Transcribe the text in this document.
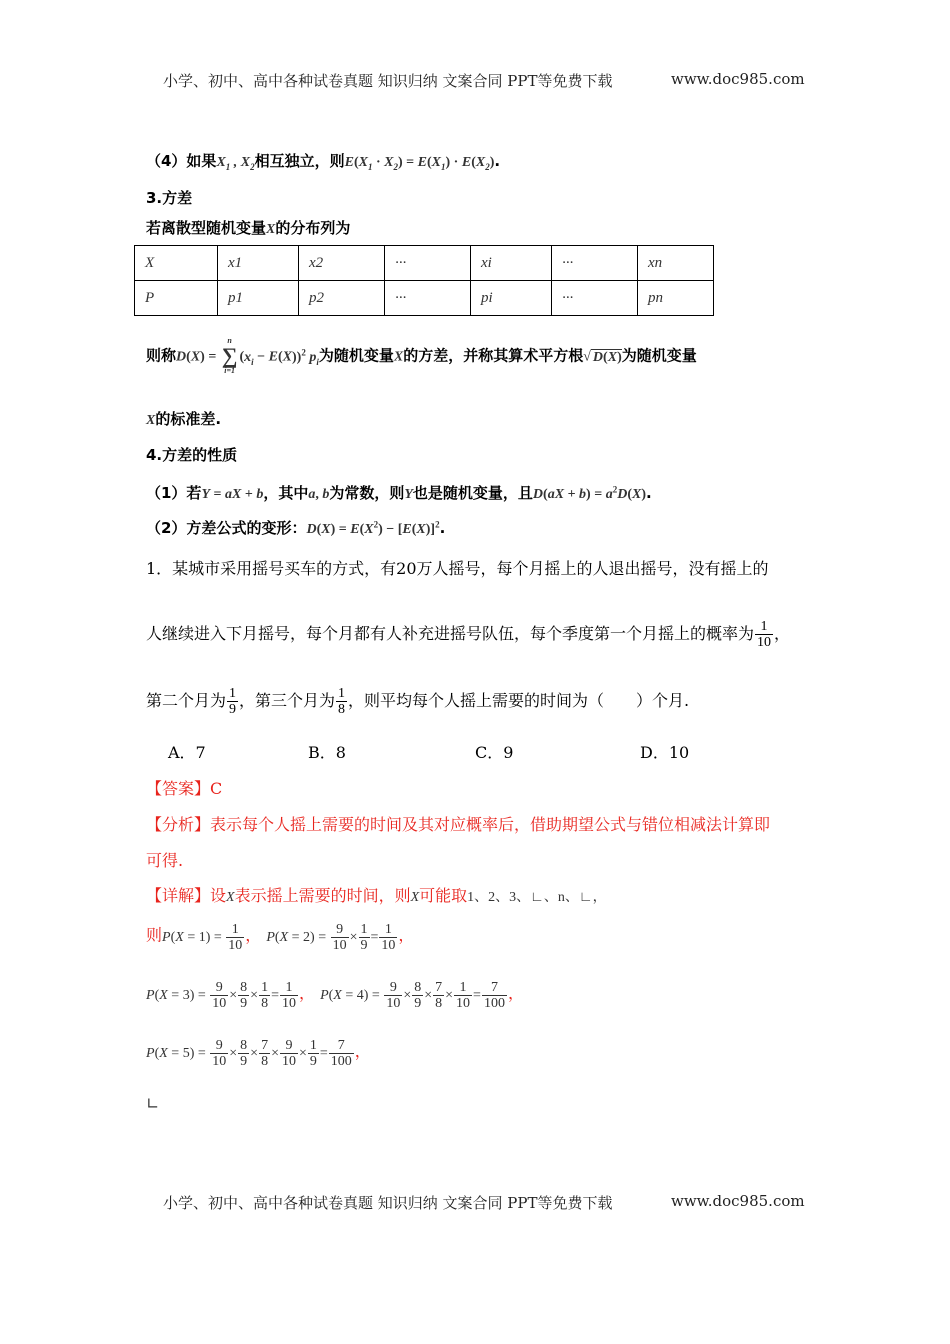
小学、初中、高中各种试卷真题 知识归纳 文案合同 PPT等免费下载	www.doc985.com
（4）如果$X_1$ , $X_2$相互独立，则$E(X_1 \cdot X_2) = E(X_1) \cdot E(X_2)$.
3.方差
若离散型随机变量X的分布列为
X	x1	x2	···	xi	···	xn
P	p1	p2	···	pi	···	pn
则称D(X) =
n
∑
i=1
$(x_i - E(X))^2$ $p_i$为随机变量X的方差，并称其算术平方根√ D(X)为随机变量
X的标准差.
4.方差的性质
（1）若Y = aX + b，其中a, b为常数，则Y也是随机变量，且$D(aX + b) = a^2D(X)$.
（2）方差公式的变形：$D(X) = E(X^2) - [E(X)]^2$.
1．某城市采用摇号买车的方式，有20万人摇号，每个月摇上的人退出摇号，没有摇上的
人继续进入下月摇号，每个月都有人补充进摇号队伍，每个季度第一个月摇上的概率为 $\frac{1}{10}$ ，
第二个月为 $\frac{1}{9}$ ，第三个月为 $\frac{1}{8}$ ，则平均每个人摇上需要的时间为（　　）个月.
A．7	B．8	C．9	D．10
【答案】C
【分析】表示每个人摇上需要的时间及其对应概率后，借助期望公式与错位相减法计算即
可得.
【详解】设X表示摇上需要的时间，则X可能取1、2、3、∟、n、∟，
则$P(X = 1) = \frac{1}{10}$ ， $P(X = 2) = \frac{9}{10} \times \frac{1}{9} = \frac{1}{10}$ ，
$P(X = 3) = \frac{9}{10} \times \frac{8}{9} \times \frac{1}{8} = \frac{1}{10}$ ， $P(X = 4) = \frac{9}{10} \times \frac{8}{9} \times \frac{7}{8} \times \frac{1}{10} = \frac{7}{100}$ ，
$P(X = 5) = \frac{9}{10} \times \frac{8}{9} \times \frac{7}{8} \times \frac{9}{10} \times \frac{1}{9} = \frac{7}{100}$ ，
∟
小学、初中、高中各种试卷真题 知识归纳 文案合同 PPT等免费下载	www.doc985.com
